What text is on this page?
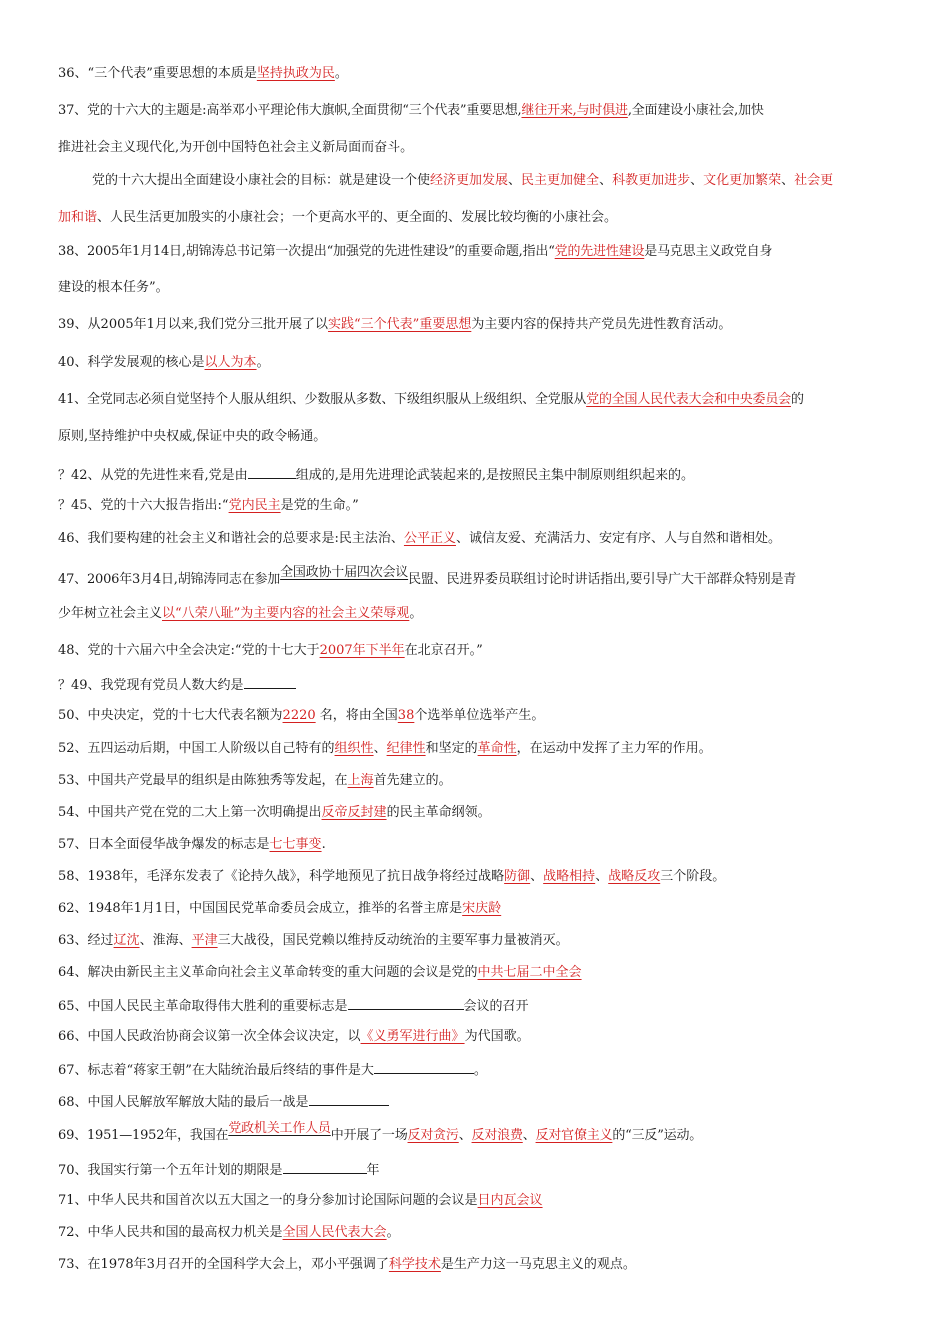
36、“三个代表”重要思想的本质是坚持执政为民。
37、党的十六大的主题是:高举邓小平理论伟大旗帜,全面贯彻“三个代表”重要思想,继往开来,与时俱进,全面建设小康社会,加快
推进社会主义现代化,为开创中国特色社会主义新局面而奋斗。
党的十六大提出全面建设小康社会的目标：就是建设一个使经济更加发展、民主更加健全、科教更加进步、文化更加繁荣、社会更
加和谐、人民生活更加殷实的小康社会；一个更高水平的、更全面的、发展比较均衡的小康社会。
38、2005年1月14日,胡锦涛总书记第一次提出“加强党的先进性建设”的重要命题,指出“党的先进性建设是马克思主义政党自身
建设的根本任务”。
39、从2005年1月以来,我们党分三批开展了以实践“三个代表”重要思想为主要内容的保持共产党员先进性教育活动。
40、科学发展观的核心是以人为本。
41、全党同志必须自觉坚持个人服从组织、少数服从多数、下级组织服从上级组织、全党服从党的全国人民代表大会和中央委员会的
原则,坚持维护中央权威,保证中央的政令畅通。
？42、从党的先进性来看,党是由	组成的,是用先进理论武装起来的,是按照民主集中制原则组织起来的。
？45、党的十六大报告指出:“党内民主是党的生命。”
46、我们要构建的社会主义和谐社会的总要求是:民主法治、公平正义、诚信友爱、充满活力、安定有序、人与自然和谐相处。
47、2006年3月4日,胡锦涛同志在参加全国政协十届四次会议民盟、民进界委员联组讨论时讲话指出,要引导广大干部群众特别是青
少年树立社会主义以“八荣八耻”为主要内容的社会主义荣辱观。
48、党的十六届六中全会决定:“党的十七大于2007年下半年在北京召开。”
？49、我党现有党员人数大约是
50、中央决定，党的十七大代表名额为2220 名，将由全国38个选举单位选举产生。
52、五四运动后期，中国工人阶级以自己特有的组织性、纪律性和坚定的革命性，在运动中发挥了主力军的作用。
53、中国共产党最早的组织是由陈独秀等发起，在上海首先建立的。
54、中国共产党在党的二大上第一次明确提出反帝反封建的民主革命纲领。
57、日本全面侵华战争爆发的标志是七七事变.
58、1938年，毛泽东发表了《论持久战》，科学地预见了抗日战争将经过战略防御、战略相持、战略反攻三个阶段。
62、1948年1月1日，中国国民党革命委员会成立，推举的名誉主席是宋庆龄
63、经过辽沈、淮海、平津三大战役，国民党赖以维持反动统治的主要军事力量被消灭。
64、解决由新民主主义革命向社会主义革命转变的重大问题的会议是党的中共七届二中全会
65、中国人民民主革命取得伟大胜利的重要标志是	会议的召开
66、中国人民政治协商会议第一次全体会议决定，以《义勇军进行曲》为代国歌。
67、标志着“蒋家王朝”在大陆统治最后终结的事件是大	。
68、中国人民解放军解放大陆的最后一战是
69、1951—1952年，我国在党政机关工作人员中开展了一场反对贪污、反对浪费、反对官僚主义的“三反”运动。
70、我国实行第一个五年计划的期限是	年
71、中华人民共和国首次以五大国之一的身分参加讨论国际问题的会议是日内瓦会议
72、中华人民共和国的最高权力机关是全国人民代表大会。
73、在1978年3月召开的全国科学大会上，邓小平强调了科学技术是生产力这一马克思主义的观点。
